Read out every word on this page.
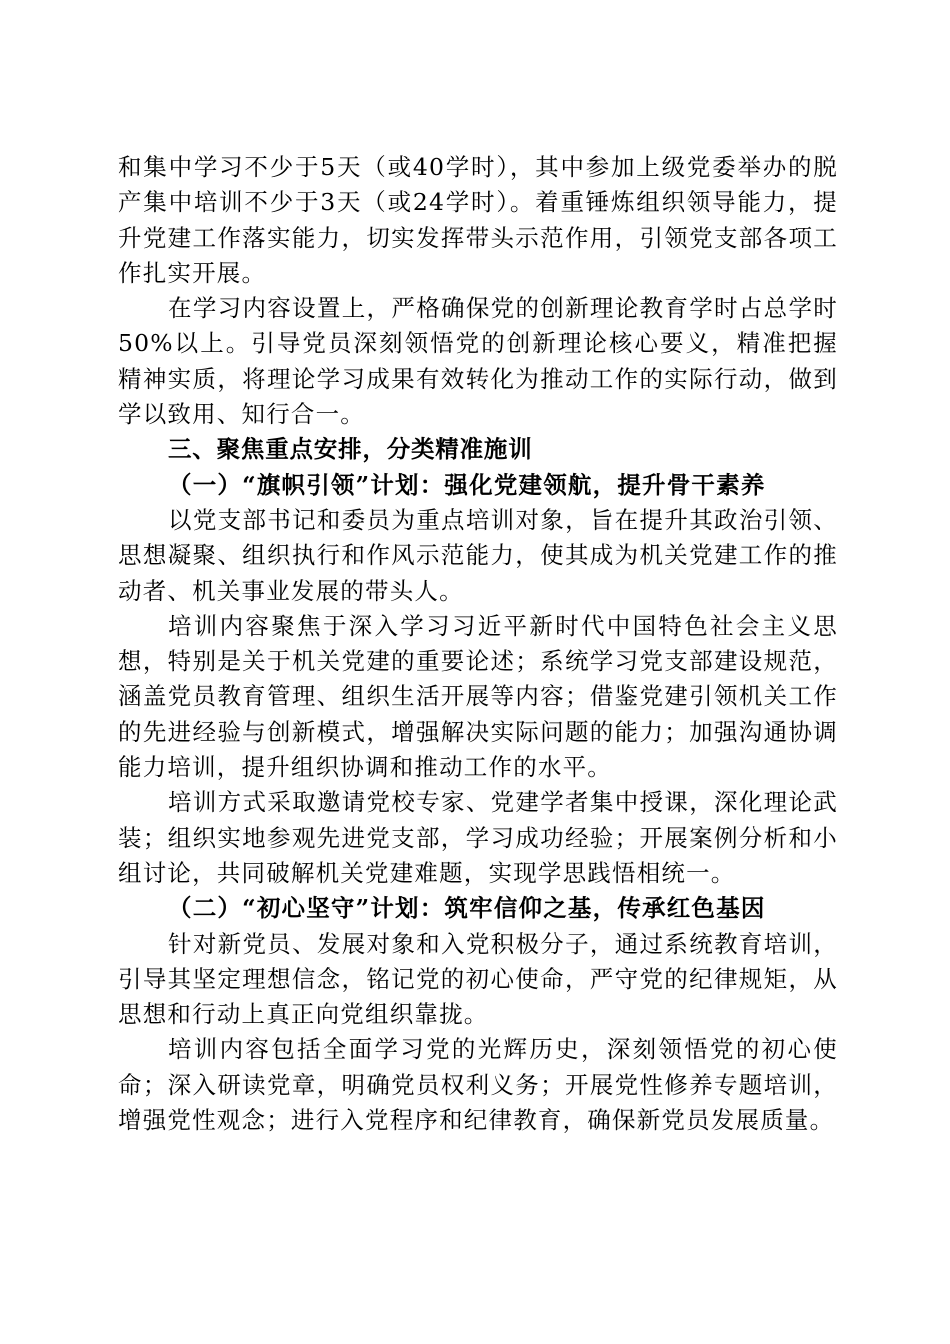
和集中学习不少于5天（或40学时），其中参加上级党委举办的脱产集中培训不少于3天（或24学时）。着重锤炼组织领导能力，提升党建工作落实能力，切实发挥带头示范作用，引领党支部各项工作扎实开展。

在学习内容设置上，严格确保党的创新理论教育学时占总学时50%以上。引导党员深刻领悟党的创新理论核心要义，精准把握精神实质，将理论学习成果有效转化为推动工作的实际行动，做到学以致用、知行合一。

三、聚焦重点安排，分类精准施训

（一）“旗帜引领”计划：强化党建领航，提升骨干素养

以党支部书记和委员为重点培训对象，旨在提升其政治引领、思想凝聚、组织执行和作风示范能力，使其成为机关党建工作的推动者、机关事业发展的带头人。

培训内容聚焦于深入学习习近平新时代中国特色社会主义思想，特别是关于机关党建的重要论述；系统学习党支部建设规范，涵盖党员教育管理、组织生活开展等内容；借鉴党建引领机关工作的先进经验与创新模式，增强解决实际问题的能力；加强沟通协调能力培训，提升组织协调和推动工作的水平。

培训方式采取邀请党校专家、党建学者集中授课，深化理论武装；组织实地参观先进党支部，学习成功经验；开展案例分析和小组讨论，共同破解机关党建难题，实现学思践悟相统一。

（二）“初心坚守”计划：筑牢信仰之基，传承红色基因

针对新党员、发展对象和入党积极分子，通过系统教育培训，引导其坚定理想信念，铭记党的初心使命，严守党的纪律规矩，从思想和行动上真正向党组织靠拢。

培训内容包括全面学习党的光辉历史，深刻领悟党的初心使命；深入研读党章，明确党员权利义务；开展党性修养专题培训，增强党性观念；进行入党程序和纪律教育，确保新党员发展质量。
